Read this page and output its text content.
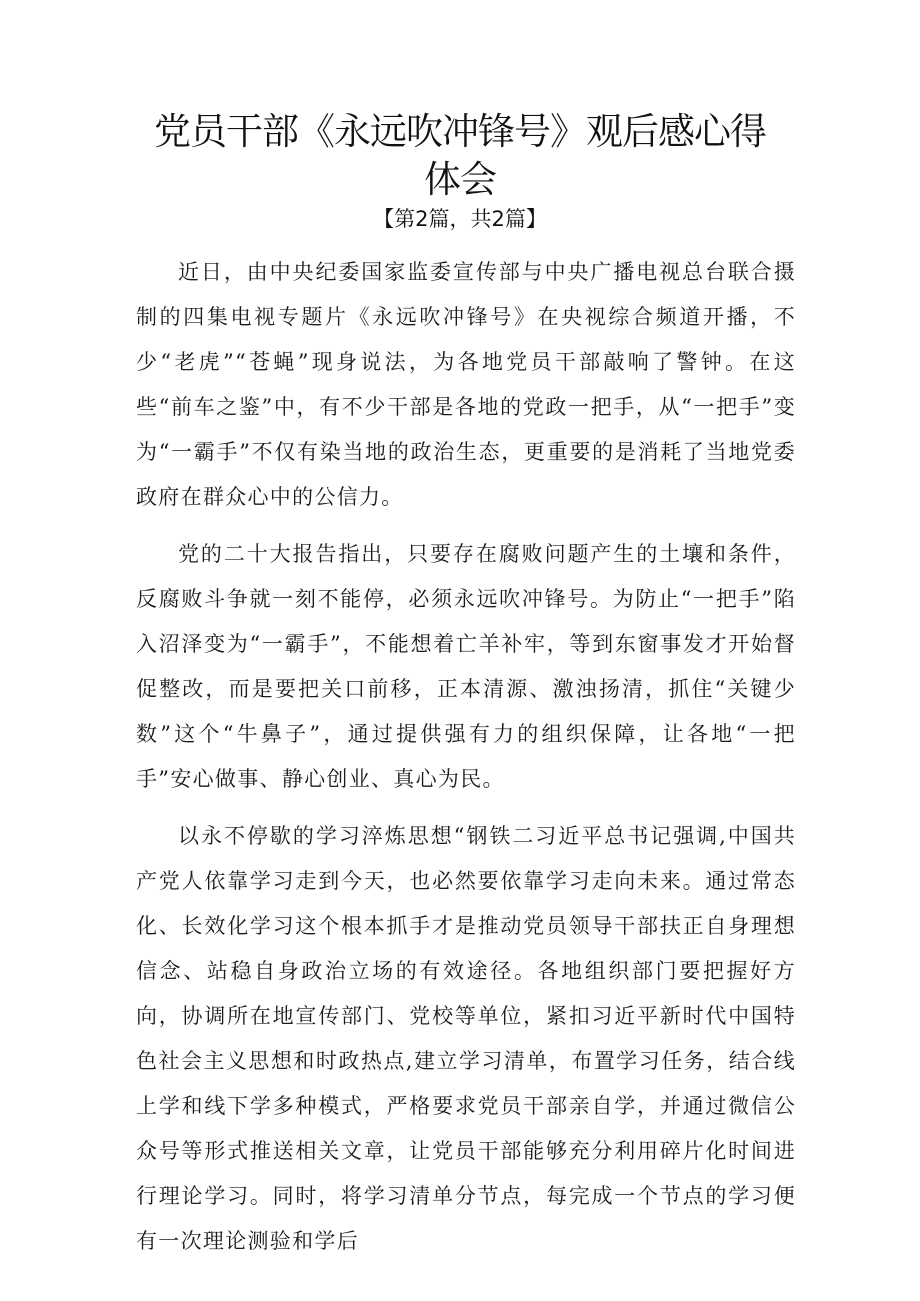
党员干部《永远吹冲锋号》观后感心得体会
【第2篇，共2篇】

近日，由中央纪委国家监委宣传部与中央广播电视总台联合摄制的四集电视专题片《永远吹冲锋号》在央视综合频道开播，不少“老虎”“苍蝇”现身说法，为各地党员干部敲响了警钟。在这些“前车之鉴”中，有不少干部是各地的党政一把手，从“一把手”变为“一霸手”不仅有染当地的政治生态，更重要的是消耗了当地党委政府在群众心中的公信力。

党的二十大报告指出，只要存在腐败问题产生的土壤和条件，反腐败斗争就一刻不能停，必须永远吹冲锋号。为防止“一把手”陷入沼泽变为“一霸手”，不能想着亡羊补牢，等到东窗事发才开始督促整改，而是要把关口前移，正本清源、激浊扬清，抓住“关键少数”这个“牛鼻子”，通过提供强有力的组织保障，让各地“一把手”安心做事、静心创业、真心为民。

以永不停歇的学习淬炼思想“钢铁二习近平总书记强调,中国共产党人依靠学习走到今天，也必然要依靠学习走向未来。通过常态化、长效化学习这个根本抓手才是推动党员领导干部扶正自身理想信念、站稳自身政治立场的有效途径。各地组织部门要把握好方向，协调所在地宣传部门、党校等单位，紧扣习近平新时代中国特色社会主义思想和时政热点,建立学习清单，布置学习任务，结合线上学和线下学多种模式，严格要求党员干部亲自学，并通过微信公众号等形式推送相关文章，让党员干部能够充分利用碎片化时间进行理论学习。同时，将学习清单分节点，每完成一个节点的学习便有一次理论测验和学后
